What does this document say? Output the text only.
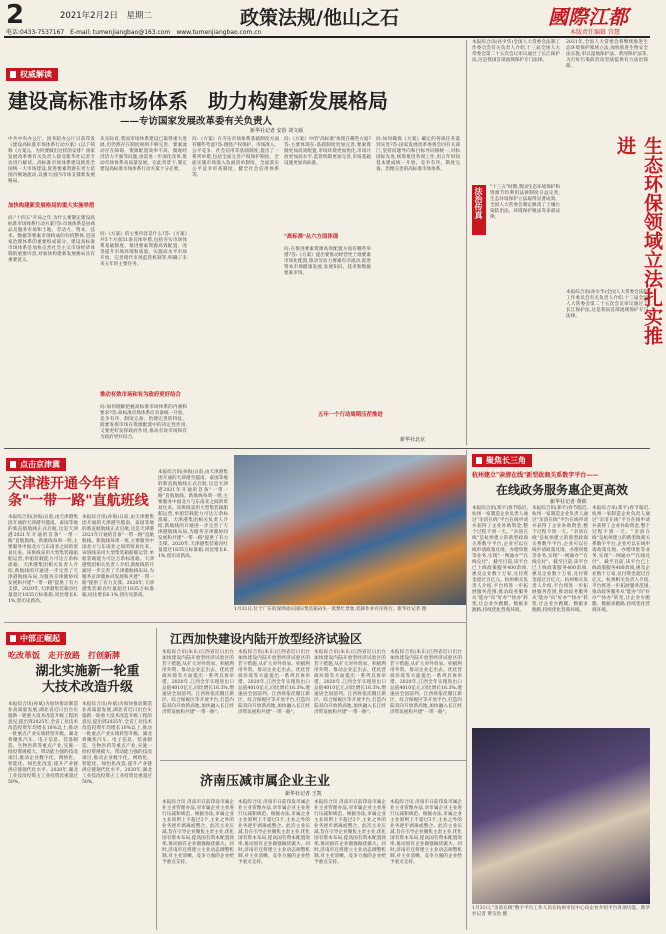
2	2021年2月2日　星期二	政策法规/他山之石	國際江都
电话:0433-7537167　E-mail: tumenjiangbao@163.com　www.tumenjiangbao.com.cn	本版责任编辑 宫慧
权威解读
建设高标准市场体系　助力构建新发展格局
——专访国家发展改革委有关负责人
新华社记者 安蓓 刘文硕
中共中央办公厅、国务院办公厅日前印发《建设高标准市场体系行动方案》(以下简称《方案》)。为何要做出这样的安排？国家发展改革委有关负责人接受新华社记者专访进行解读。高标准市场体系建设推进全国统一大市场建设,促进要素资源在更大范围内畅通流动,以强大国内市场支撑新发展格局。
加快构建新发展格局的重大实施举措
问:"十四五"开局之年,为什么要制定建设高标准市场体系行动方案?答:市场体系是由商品及服务市场和土地、劳动力、资本、技术、数据等要素市场构成的有机整体,是国家治理体系的重要组成部分。建设高标准市场体系是加快完善社会主义市场经济体制的重要内容,对加快构建新发展格局具有重要意义。
从实际看,我国市场体系建设已取得重大进展,但仍然存在制度规则不够完善、要素流动存在障碍、资源配置效率不高、微观经济活力不强等问题,亟需进一步深化改革,推动市场体系高质量发展。在此背景下,制定建设高标准市场体系行动方案十分必要。
问:《方案》的主要内容是什么?答:《方案》共5个方面51条具体举措,包括夯实市场体系基础制度、推进要素资源高效配置、改善提升市场环境和质量、实施高水平市场开放、完善现代市场监管机制等,明确了未来五年的主要任务。
推动有效市场和有为政府更好结合
问:如何理解把握高标准市场体系的内涵和要求?答:高标准市场体系应具备统一开放、竞争有序、制度完备、治理完善的特征。既要发挥市场在资源配置中的决定性作用,又要更好发挥政府作用,推动有效市场和有为政府更好结合。
问:《方案》在夯实市场体系基础制度方面有哪些考虑?答:围绕产权保护、市场准入、公平竞争、社会信用等基础制度,提出了一系列举措,包括全面完善产权保护制度、全面实施市场准入负面清单制度、全面落实公平竞争审查制度、健全社会信用体系等。
"高标准"从六方面体现
问:《方案》中的"高标准"体现在哪些方面?答:主要体现在:基础制度更加完善,要素资源更加高效配置,市场环境更加优化,市场开放更加高水平,监管机制更加完善,市场基础设施更加高标准。
问:在推进要素资源高效配置方面有哪些举措?答:《方案》提出要推动经营性土地要素市场化配置,推动劳动力要素有序流动,促进资本市场健康发展,发展知识、技术和数据要素市场。
问:如何确保《方案》确定的各项任务落到实处?答:国家发展改革委将会同有关部门,坚持问题导向和目标导向相统一,对标国际先进,统筹推进各项工作,用五年时间基本建成统一开放、竞争有序、制度完备、治理完善的高标准市场体系。
五年一个行动周期压茬推进
新华社北京
本报综合讯(孙少华)全国人大常委会法制工作委员会有关负责人介绍,十三届全国人大常委会第二十五次会议审议通过了长江保护法,这是我国首部流域保护专门法律。
法治传真	"十三五"时期,我国生态环境保护和资源节约利用法律制度日益完善,生态环境保护立法取得显著成效。全国人大常委会制定修改了土壤污染防治法、环境保护税法等多部法律。	生态环保领域立法扎实推进
2021年,全国人大常委会将继续推进生态环境保护领域立法,加快推进生物安全法实施,审议湿地保护法、黄河保护法等,为打好污染防治攻坚战提供有力法治保障。
本报综合讯(孙少华)全国人大常委会法制工作委员会有关负责人介绍,十三届全国人大常委会第二十五次会议审议通过了长江保护法,这是我国首部流域保护专门法律。
点击京津冀
天津港开通今年首条"一带一路"直航班线
本报综合讯(孙海)日前,由天津港集团开通的天津港至越南、泰国等地的新直航航线正式启航,这是天津港2021年开通的首条"一带一路"直航航线。新航线每周一班,主要服务中国北方与东南亚之间的贸易往来。该班线采用大型集装箱船舶运营,单船装载能力可达万余标准箱。天津港集团相关负责人介绍,新航线的开通进一步完善了天津港航线布局,为服务京津冀协同发展和共建"一带一路"提供了有力支撑。2020年,天津港集装箱吞吐量超过1835万标准箱,同比增长6.1%,创历史新高。
本报综合讯(孙海)日前,由天津港集团开通的天津港至越南、泰国等地的新直航航线正式启航,这是天津港2021年开通的首条"一带一路"直航航线。新航线每周一班,主要服务中国北方与东南亚之间的贸易往来。该班线采用大型集装箱船舶运营,单船装载能力可达万余标准箱。天津港集团相关负责人介绍,新航线的开通进一步完善了天津港航线布局,为服务京津冀协同发展和共建"一带一路"提供了有力支撑。2020年,天津港集装箱吞吐量超过1835万标准箱,同比增长6.1%,创历史新高。
本报综合讯(孙海)日前,由天津港集团开通的天津港至越南、泰国等地的新直航航线正式启航,这是天津港2021年开通的首条"一带一路"直航航线。新航线每周一班,主要服务中国北方与东南亚之间的贸易往来。该班线采用大型集装箱船舶运营,单船装载能力可达万余标准箱。天津港集团相关负责人介绍,新航线的开通进一步完善了天津港航线布局,为服务京津冀协同发展和共建"一带一路"提供了有力支撑。2020年,天津港集装箱吞吐量超过1835万标准箱,同比增长6.1%,创历史新高。
1月31日,位于广东的深圳盐田国际集装箱码头一派繁忙景象,装卸作业有序进行。新华社记者 摄
中部正崛起
吃改革饭　走开放路　打创新牌
湖北实施新一轮重大技术改造升级
本报综合讯(孙斌)为加快推动制造业高质量发展,湖北省近日出台实施新一轮重大技术改造升级工程的意见,提出到2025年,全省工业技术改造投资年均增长10%以上,推动一批重点产业实现转型升级。湖北将聚焦汽车、电子信息、装备制造、生物医药等重点产业,实施一批投资规模大、带动能力强的技改项目,推动企业数字化、网络化、智能化、绿色化改造,提升产业链供应链现代化水平。2020年,湖北工业技改投资占工业投资比重超过50%。
本报综合讯(孙斌)为加快推动制造业高质量发展,湖北省近日出台实施新一轮重大技术改造升级工程的意见,提出到2025年,全省工业技术改造投资年均增长10%以上,推动一批重点产业实现转型升级。湖北将聚焦汽车、电子信息、装备制造、生物医药等重点产业,实施一批投资规模大、带动能力强的技改项目,推动企业数字化、网络化、智能化、绿色化改造,提升产业链供应链现代化水平。2020年,湖北工业技改投资占工业投资比重超过50%。
江西加快建设内陆开放型经济试验区
本报综合讯(朱东)江西省近日出台加快建设内陆开放型经济试验区的若干措施,从扩大对外贸易、积极利用外资、推动企业走出去、优化营商环境等方面提出一系列具体举措。2020年,江西全年实现进出口总值4010亿元,同比增长16.3%,增速居全国前列。江西将依托赣江新区、综合保税区等开放平台,打造内陆双向开放新高地,加快融入长江经济带发展和共建"一带一路"。
本报综合讯(朱东)江西省近日出台加快建设内陆开放型经济试验区的若干措施,从扩大对外贸易、积极利用外资、推动企业走出去、优化营商环境等方面提出一系列具体举措。2020年,江西全年实现进出口总值4010亿元,同比增长16.3%,增速居全国前列。江西将依托赣江新区、综合保税区等开放平台,打造内陆双向开放新高地,加快融入长江经济带发展和共建"一带一路"。
本报综合讯(朱东)江西省近日出台加快建设内陆开放型经济试验区的若干措施,从扩大对外贸易、积极利用外资、推动企业走出去、优化营商环境等方面提出一系列具体举措。2020年,江西全年实现进出口总值4010亿元,同比增长16.3%,增速居全国前列。江西将依托赣江新区、综合保税区等开放平台,打造内陆双向开放新高地,加快融入长江经济带发展和共建"一带一路"。
本报综合讯(朱东)江西省近日出台加快建设内陆开放型经济试验区的若干措施,从扩大对外贸易、积极利用外资、推动企业走出去、优化营商环境等方面提出一系列具体举措。2020年,江西全年实现进出口总值4010亿元,同比增长16.3%,增速居全国前列。江西将依托赣江新区、综合保税区等开放平台,打造内陆双向开放新高地,加快融入长江经济带发展和共建"一带一路"。
济南压减市属企业主业
新华社记者 王凯
本报综合讯 济南市日前印发市属企业主业管理办法,对市属企业主业进行压减和规范。根据办法,市属企业主业原则上不超过3个,主业之外的业务逐步剥离或整合。此次主业压减,旨在引导企业聚焦主责主业,优化国有资本布局,提高国有资本配置效率,推动国有企业做强做优做大。同时,济南市还将建立主业动态调整机制,对主业清晰、竞争力强的企业给予重点支持。
本报综合讯 济南市日前印发市属企业主业管理办法,对市属企业主业进行压减和规范。根据办法,市属企业主业原则上不超过3个,主业之外的业务逐步剥离或整合。此次主业压减,旨在引导企业聚焦主责主业,优化国有资本布局,提高国有资本配置效率,推动国有企业做强做优做大。同时,济南市还将建立主业动态调整机制,对主业清晰、竞争力强的企业给予重点支持。
本报综合讯 济南市日前印发市属企业主业管理办法,对市属企业主业进行压减和规范。根据办法,市属企业主业原则上不超过3个,主业之外的业务逐步剥离或整合。此次主业压减,旨在引导企业聚焦主责主业,优化国有资本布局,提高国有资本配置效率,推动国有企业做强做优做大。同时,济南市还将建立主业动态调整机制,对主业清晰、竞争力强的企业给予重点支持。
本报综合讯 济南市日前印发市属企业主业管理办法,对市属企业主业进行压减和规范。根据办法,市属企业主业原则上不超过3个,主业之外的业务逐步剥离或整合。此次主业压减,旨在引导企业聚焦主责主业,优化国有资本布局,提高国有资本配置效率,推动国有企业做强做优做大。同时,济南市还将建立主业动态调整机制,对主业清晰、竞争力强的企业给予重点支持。
聚焦长三角
杭州建立"亲清在线"新型政商关系数字平台——
在线政务服务惠企更高效
新华社记者 黄筱
本报综合讯(郑平)春节临近,杭州一家制造企业负责人通过"亲清在线"平台在线申请并获得了企业补助资金,整个过程不到一天。"亲清在线"是杭州建立的新型政商关系数字平台,企业可以在线申请政策兑现、办理审批等业务,实现"一网通办""在线兑付"。截至目前,该平台已上线政策服务400余项,惠及企业数十万家,兑付资金超过百亿元。杭州相关负责人介绍,平台将进一步拓展服务范围,推动政务服务从"能办"向"好办""快办"转变,让企业少跑腿、数据多跑路,持续优化营商环境。
本报综合讯(郑平)春节临近,杭州一家制造企业负责人通过"亲清在线"平台在线申请并获得了企业补助资金,整个过程不到一天。"亲清在线"是杭州建立的新型政商关系数字平台,企业可以在线申请政策兑现、办理审批等业务,实现"一网通办""在线兑付"。截至目前,该平台已上线政策服务400余项,惠及企业数十万家,兑付资金超过百亿元。杭州相关负责人介绍,平台将进一步拓展服务范围,推动政务服务从"能办"向"好办""快办"转变,让企业少跑腿、数据多跑路,持续优化营商环境。
本报综合讯(郑平)春节临近,杭州一家制造企业负责人通过"亲清在线"平台在线申请并获得了企业补助资金,整个过程不到一天。"亲清在线"是杭州建立的新型政商关系数字平台,企业可以在线申请政策兑现、办理审批等业务,实现"一网通办""在线兑付"。截至目前,该平台已上线政策服务400余项,惠及企业数十万家,兑付资金超过百亿元。杭州相关负责人介绍,平台将进一步拓展服务范围,推动政务服务从"能办"向"好办""快办"转变,让企业少跑腿、数据多跑路,持续优化营商环境。
1月31日,"亲清在线"数字平台工作人员在杭州市民中心向企业介绍平台各项功能。新华社记者 黄宗治 摄
